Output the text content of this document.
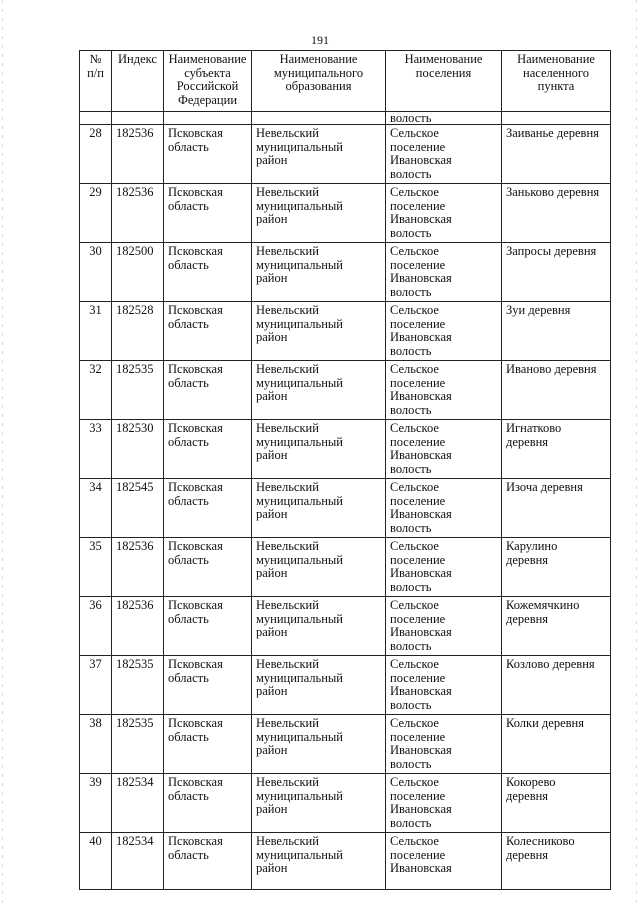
191
№
п/п	Индекс	Наименование
субъекта
Российской
Федерации	Наименование
муниципального
образования	Наименование
поселения	Наименование
населенного
пункта
				волость	
28	182536	Псковская
область	Невельский
муниципальный
район	Сельское
поселение
Ивановская
волость	Заиванье деревня
29	182536	Псковская
область	Невельский
муниципальный
район	Сельское
поселение
Ивановская
волость	Заньково деревня
30	182500	Псковская
область	Невельский
муниципальный
район	Сельское
поселение
Ивановская
волость	Запросы деревня
31	182528	Псковская
область	Невельский
муниципальный
район	Сельское
поселение
Ивановская
волость	Зуи деревня
32	182535	Псковская
область	Невельский
муниципальный
район	Сельское
поселение
Ивановская
волость	Иваново деревня
33	182530	Псковская
область	Невельский
муниципальный
район	Сельское
поселение
Ивановская
волость	Игнатково
деревня
34	182545	Псковская
область	Невельский
муниципальный
район	Сельское
поселение
Ивановская
волость	Изоча деревня
35	182536	Псковская
область	Невельский
муниципальный
район	Сельское
поселение
Ивановская
волость	Карулино
деревня
36	182536	Псковская
область	Невельский
муниципальный
район	Сельское
поселение
Ивановская
волость	Кожемячкино
деревня
37	182535	Псковская
область	Невельский
муниципальный
район	Сельское
поселение
Ивановская
волость	Козлово деревня
38	182535	Псковская
область	Невельский
муниципальный
район	Сельское
поселение
Ивановская
волость	Колки деревня
39	182534	Псковская
область	Невельский
муниципальный
район	Сельское
поселение
Ивановская
волость	Кокорево
деревня
40	182534	Псковская
область	Невельский
муниципальный
район	Сельское
поселение
Ивановская	Колесниково
деревня
